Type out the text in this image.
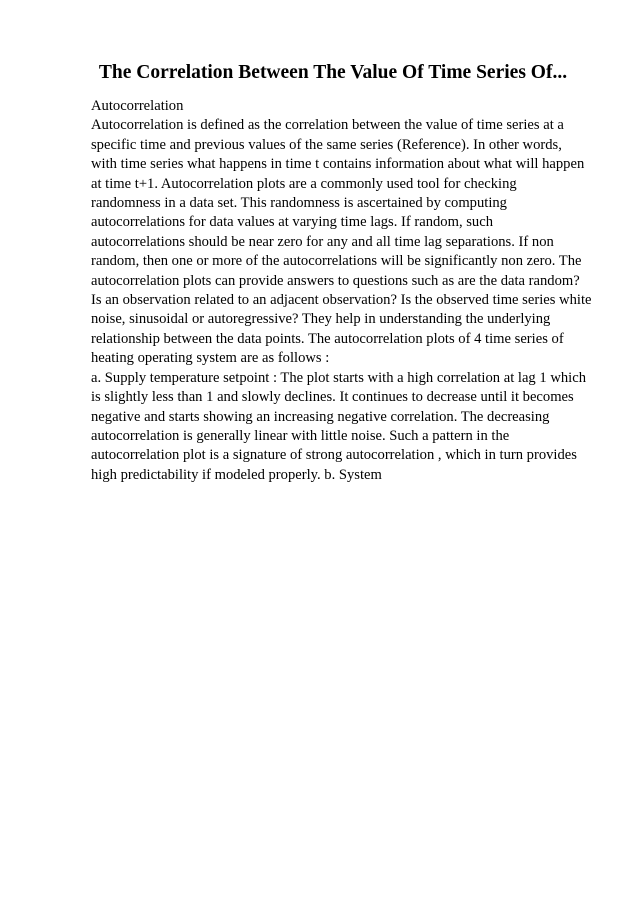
The Correlation Between The Value Of Time Series Of...
Autocorrelation
Autocorrelation is defined as the correlation between the value of time series at a
specific time and previous values of the same series (Reference). In other words,
with time series what happens in time t contains information about what will happen
at time t+1. Autocorrelation plots are a commonly used tool for checking
randomness in a data set. This randomness is ascertained by computing
autocorrelations for data values at varying time lags. If random, such
autocorrelations should be near zero for any and all time lag separations. If non
random, then one or more of the autocorrelations will be significantly non zero. The
autocorrelation plots can provide answers to questions such as are the data random?
Is an observation related to an adjacent observation? Is the observed time series white
noise, sinusoidal or autoregressive? They help in understanding the underlying
relationship between the data points. The autocorrelation plots of 4 time series of
heating operating system are as follows :
a. Supply temperature setpoint : The plot starts with a high correlation at lag 1 which
is slightly less than 1 and slowly declines. It continues to decrease until it becomes
negative and starts showing an increasing negative correlation. The decreasing
autocorrelation is generally linear with little noise. Such a pattern in the
autocorrelation plot is a signature of strong autocorrelation , which in turn provides
high predictability if modeled properly. b. System
